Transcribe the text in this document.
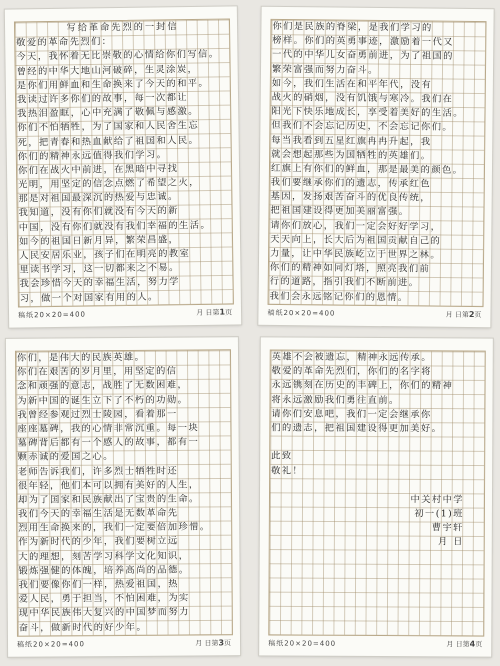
写给革命先烈的一封信
敬爱的革命先烈们：
今天，我怀着无比崇敬的心情给你们写信。
曾经的中华大地山河破碎，生灵涂炭，
是你们用鲜血和生命换来了今天的和平。
我读过许多你们的故事，每一次都让
我热泪盈眶，心中充满了敬佩与感激。
你们不怕牺牲，为了国家和人民舍生忘
死，把青春和热血献给了祖国和人民。
你们的精神永远值得我们学习。
你们在战火中前进，在黑暗中寻找
光明，用坚定的信念点燃了希望之火，
那是对祖国最深沉的热爱与忠诚。
我知道，没有你们就没有今天的新
中国，没有你们就没有我们幸福的生活。
如今的祖国日新月异，繁荣昌盛，
人民安居乐业，孩子们在明亮的教室
里读书学习，这一切都来之不易。
我会珍惜今天的幸福生活，努力学
习，做一个对国家有用的人。
稿纸20×20=400	月 日第1页
你们是民族的脊梁，是我们学习的
榜样。你们的英勇事迹，激励着一代又
一代的中华儿女奋勇前进，为了祖国的
繁荣富强而努力奋斗。
如今，我们生活在和平年代，没有
战火的硝烟，没有饥饿与寒冷。我们在
阳光下快乐地成长，享受着美好的生活。
但我们不会忘记历史，不会忘记你们。
每当我看到五星红旗冉冉升起，我
就会想起那些为国牺牲的英雄们。
红旗上有你们的鲜血，那是最美的颜色。
我们要继承你们的遗志，传承红色
基因，发扬艰苦奋斗的优良传统，
把祖国建设得更加美丽富强。
请你们放心，我们一定会好好学习，
天天向上，长大后为祖国贡献自己的
力量，让中华民族屹立于世界之林。
你们的精神如同灯塔，照亮我们前
行的道路，指引我们不断前进。
我们会永远铭记你们的恩情。
稿纸20×20=400	月 日第2页
你们，是伟大的民族英雄。
你们在艰苦的岁月里，用坚定的信
念和顽强的意志，战胜了无数困难，
为新中国的诞生立下了不朽的功勋。
我曾经参观过烈士陵园，看着那一
座座墓碑，我的心情非常沉重。每一块
墓碑背后都有一个感人的故事，都有一
颗赤诚的爱国之心。
老师告诉我们，许多烈士牺牲时还
很年轻，他们本可以拥有美好的人生，
却为了国家和民族献出了宝贵的生命。
我们今天的幸福生活是无数革命先
烈用生命换来的，我们一定要倍加珍惜。
作为新时代的少年，我们要树立远
大的理想，刻苦学习科学文化知识，
锻炼强健的体魄，培养高尚的品德。
我们要像你们一样，热爱祖国，热
爱人民，勇于担当，不怕困难，为实
现中华民族伟大复兴的中国梦而努力
奋斗，做新时代的好少年。
稿纸20×20=400	月 日第3页
英雄不会被遗忘，精神永远传承。
敬爱的革命先烈们，你们的名字将
永远镌刻在历史的丰碑上，你们的精神
将永远激励我们勇往直前。
请你们安息吧，我们一定会继承你
们的遗志，把祖国建设得更加美好。
此致
敬礼！
中关村中学
初一(1)班
曹宇轩
月 日
稿纸20×20=400	月 日第4页
